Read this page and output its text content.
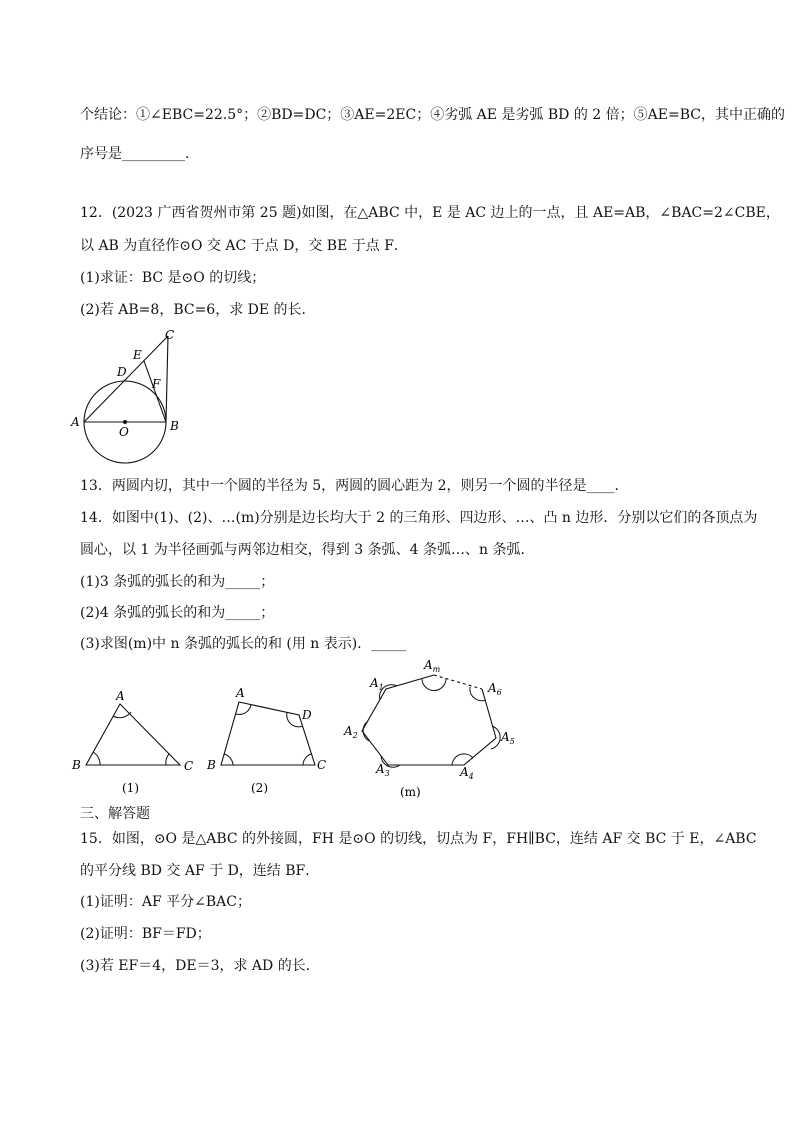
个结论：①∠EBC=22.5°；②BD=DC；③AE=2EC；④劣弧 AE 是劣弧 BD 的 2 倍；⑤AE=BC，其中正确的
序号是_________．
12．(2023 广西省贺州市第 25 题)如图，在△ABC 中，E 是 AC 边上的一点，且 AE=AB，∠BAC=2∠CBE，
以 AB 为直径作⊙O 交 AC 于点 D，交 BE 于点 F．
(1)求证：BC 是⊙O 的切线；
(2)若 AB=8，BC=6，求 DE 的长．
A	B
C
D
E
F
O
13．两圆内切，其中一个圆的半径为 5，两圆的圆心距为 2，则另一个圆的半径是____．
14．如图中(1)、(2)、…(m)分别是边长均大于 2 的三角形、四边形、…、凸 n 边形．分别以它们的各顶点为
圆心，以 1 为半径画弧与两邻边相交，得到 3 条弧、4 条弧…、n 条弧．
(1)3 条弧的弧长的和为_____；
(2)4 条弧的弧长的和为_____；
(3)求图(m)中 n 条弧的弧长的和 (用 n 表示)．_____
A
B	C
(1)
A
B	C
D
(2)
$A_m$
$A_1$
$A_2$
$A_3$	$A_4$
$A_5$
$A_6$
(m)
三、解答题
15．如图，⊙O 是△ABC 的外接圆，FH 是⊙O 的切线，切点为 F，FH∥BC，连结 AF 交 BC 于 E，∠ABC
的平分线 BD 交 AF 于 D，连结 BF．
(1)证明：AF 平分∠BAC；
(2)证明：BF＝FD；
(3)若 EF＝4，DE＝3，求 AD 的长．
